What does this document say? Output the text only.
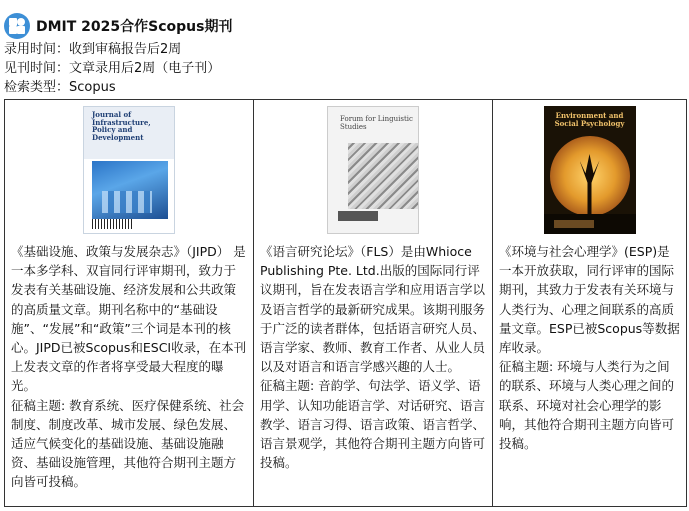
DMIT 2025合作Scopus期刊
录用时间：收到审稿报告后2周
见刊时间：文章录用后2周（电子刊）
检索类型：Scopus
Journal of Infrastructure, Policy and Development

《基础设施、政策与发展杂志》（JIPD） 是一本多学科、双盲同行评审期刊，致力于发表有关基础设施、经济发展和公共政策的高质量文章。期刊名称中的“基础设施”、“发展”和“政策”三个词是本刊的核心。JIPD已被Scopus和ESCI收录，在本刊上发表文章的作者将享受最大程度的曝光。

征稿主题: 教育系统、医疗保健系统、社会制度、制度改革、城市发展、绿色发展、适应气候变化的基础设施、基础设施融资、基础设施管理，其他符合期刊主题方向皆可投稿。

Forum for Linguistic Studies

《语言研究论坛》（FLS）是由Whioce Publishing Pte. Ltd.出版的国际同行评议期刊，旨在发表语言学和应用语言学以及语言哲学的最新研究成果。该期刊服务于广泛的读者群体，包括语言研究人员、语言学家、教师、教育工作者、从业人员以及对语言和语言学感兴趣的人士。

征稿主题: 音韵学、句法学、语义学、语用学、认知功能语言学、对话研究、语言教学、语言习得、语言政策、语言哲学、语言景观学，其他符合期刊主题方向皆可投稿。

Environment and Social Psychology

《环境与社会心理学》(ESP)是一本开放获取，同行评审的国际期刊，其致力于发表有关环境与人类行为、心理之间联系的高质量文章。ESP已被Scopus等数据库收录。

征稿主题: 环境与人类行为之间的联系、环境与人类心理之间的联系、环境对社会心理学的影响，其他符合期刊主题方向皆可投稿。
